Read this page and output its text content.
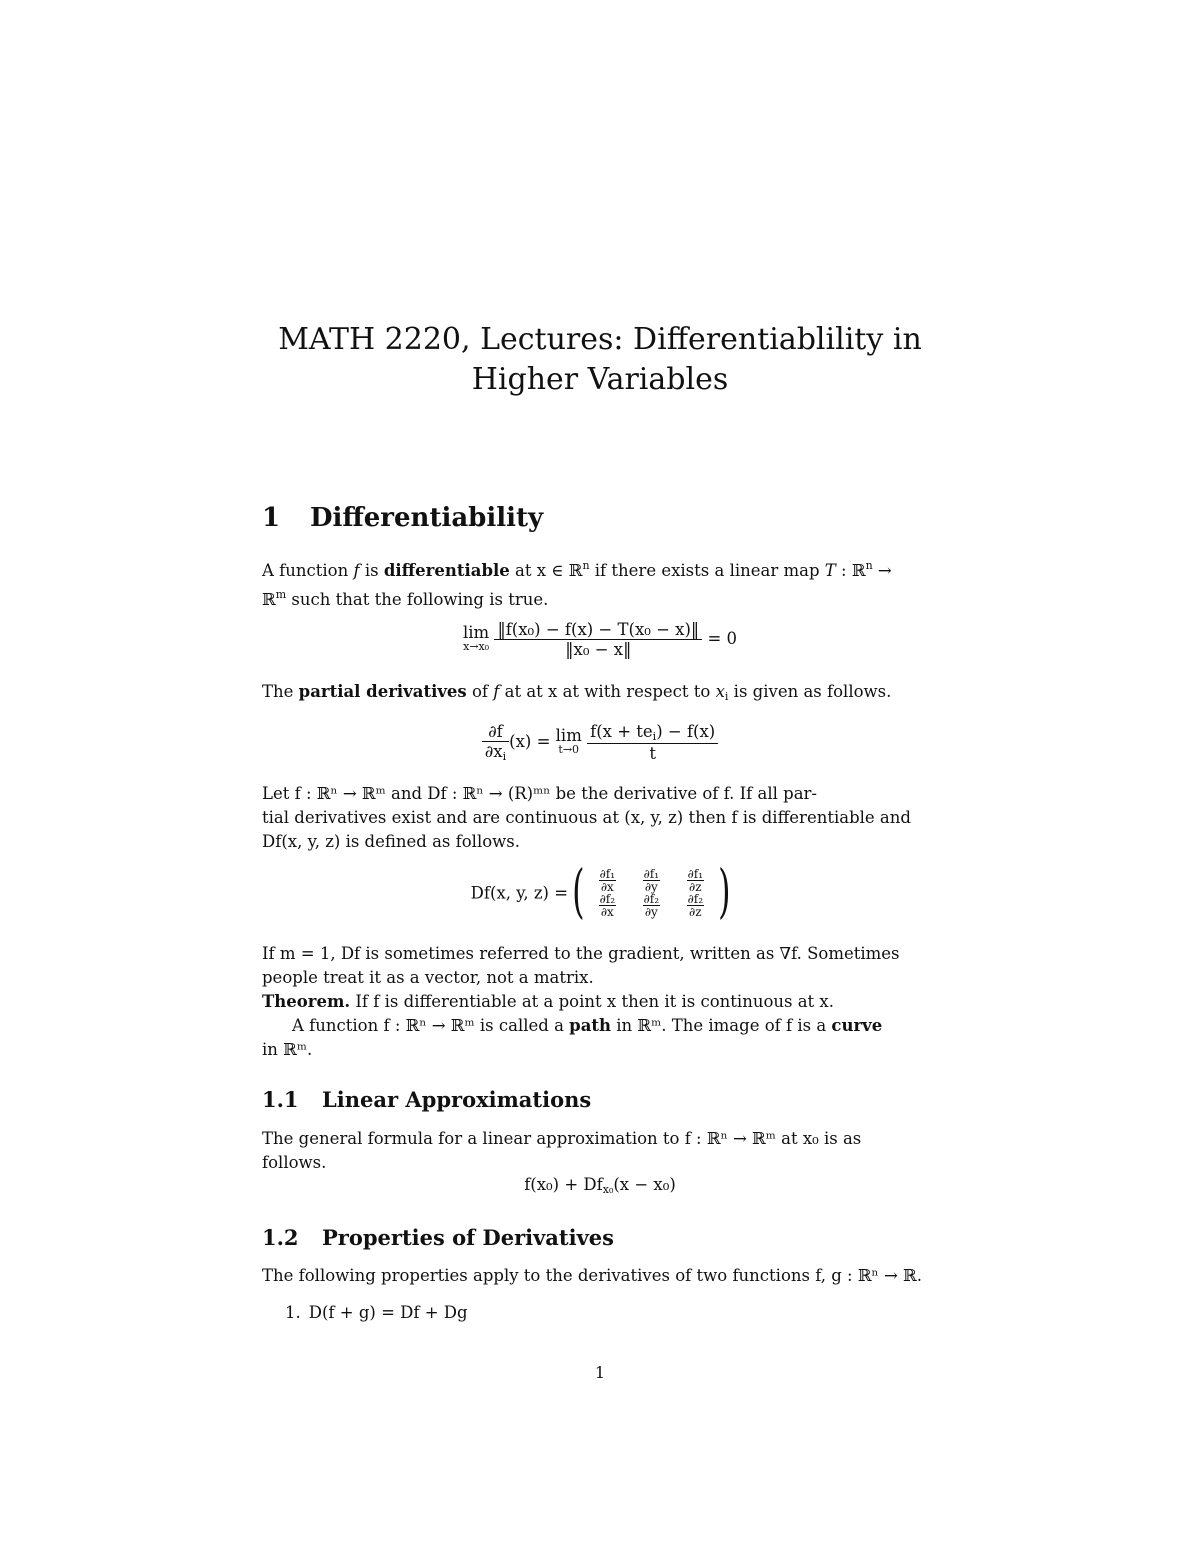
MATH 2220, Lectures: Differentiablility in
Higher Variables
1 Differentiability

A function f is differentiable at x ∈ ℝ$^n$ if there exists a linear map T : ℝ$^n$ →
ℝ$^m$ such that the following is true.

lim
x→x₀
$\frac{\text{‖f(x₀) − f(x) − T(x₀ − x)‖}}{\text{‖x₀ − x‖}} = 0$

The partial derivatives of f at at x at with respect to $x_i$ is given as follows.

$\frac{\partial f}{\partial x_i} (x) = \lim$
t→0
$\frac{f(x + te_i) - f(x)}{t}$

Let f : ℝⁿ → ℝᵐ and Df : ℝⁿ → (R)ᵐⁿ be the derivative of f. If all par-
tial derivatives exist and are continuous at (x, y, z) then f is differentiable and
Df(x, y, z) is defined as follows.

Df(x, y, z) = ( $\frac{\text{∂f₁}}{\partial x} \frac{\text{∂f₁}}{\partial y} \frac{\text{∂f₁}}{\partial z}$
$\frac{\text{∂f₂}}{\partial x} \frac{\text{∂f₂}}{\partial y} \frac{\text{∂f₂}}{\partial z}$ )

If m = 1, Df is sometimes referred to the gradient, written as ∇f. Sometimes
people treat it as a vector, not a matrix.
Theorem. If f is differentiable at a point x then it is continuous at x.
A function f : ℝⁿ → ℝᵐ is called a path in ℝᵐ. The image of f is a curve
in ℝᵐ.

1.1 Linear Approximations

The general formula for a linear approximation to f : ℝⁿ → ℝᵐ at x₀ is as
follows.

$f(x_0) + Df_{x_0}(x - x_0)$
1.2 Properties of Derivatives

The following properties apply to the derivatives of two functions f, g : ℝⁿ → ℝ.

1. D(f + g) = Df + Dg

1
